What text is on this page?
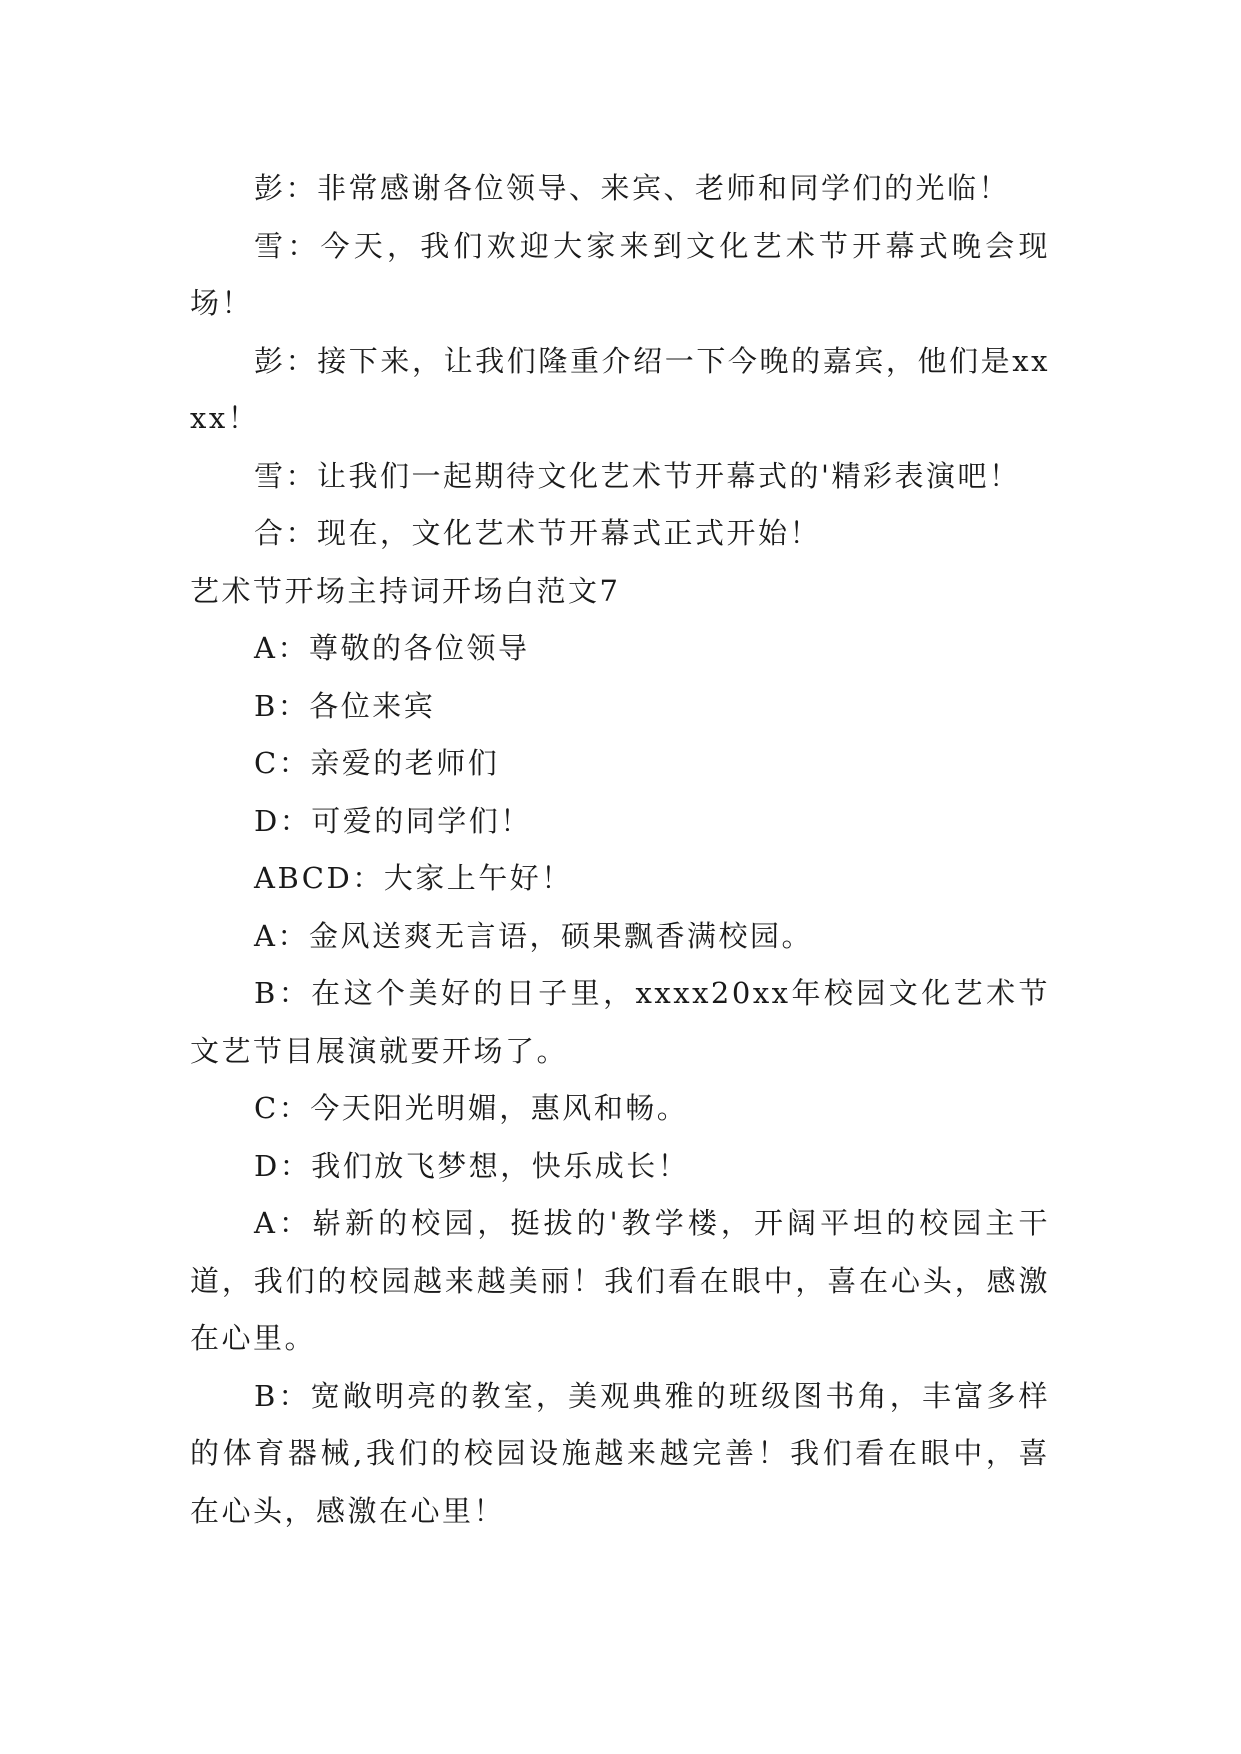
彭：非常感谢各位领导、来宾、老师和同学们的光临！

雪：今天，我们欢迎大家来到文化艺术节开幕式晚会现场！

彭：接下来，让我们隆重介绍一下今晚的嘉宾，他们是xxxx！

雪：让我们一起期待文化艺术节开幕式的'精彩表演吧！

合：现在，文化艺术节开幕式正式开始！

艺术节开场主持词开场白范文7

A：尊敬的各位领导

B：各位来宾

C：亲爱的老师们

D：可爱的同学们！

ABCD：大家上午好！

A：金风送爽无言语，硕果飘香满校园。

B：在这个美好的日子里，xxxx20xx年校园文化艺术节文艺节目展演就要开场了。

C：今天阳光明媚，惠风和畅。

D：我们放飞梦想，快乐成长！

A：崭新的校园，挺拔的'教学楼，开阔平坦的校园主干道，我们的校园越来越美丽！我们看在眼中，喜在心头，感激在心里。

B：宽敞明亮的教室，美观典雅的班级图书角，丰富多样的体育器械,我们的校园设施越来越完善！我们看在眼中，喜在心头，感激在心里！
